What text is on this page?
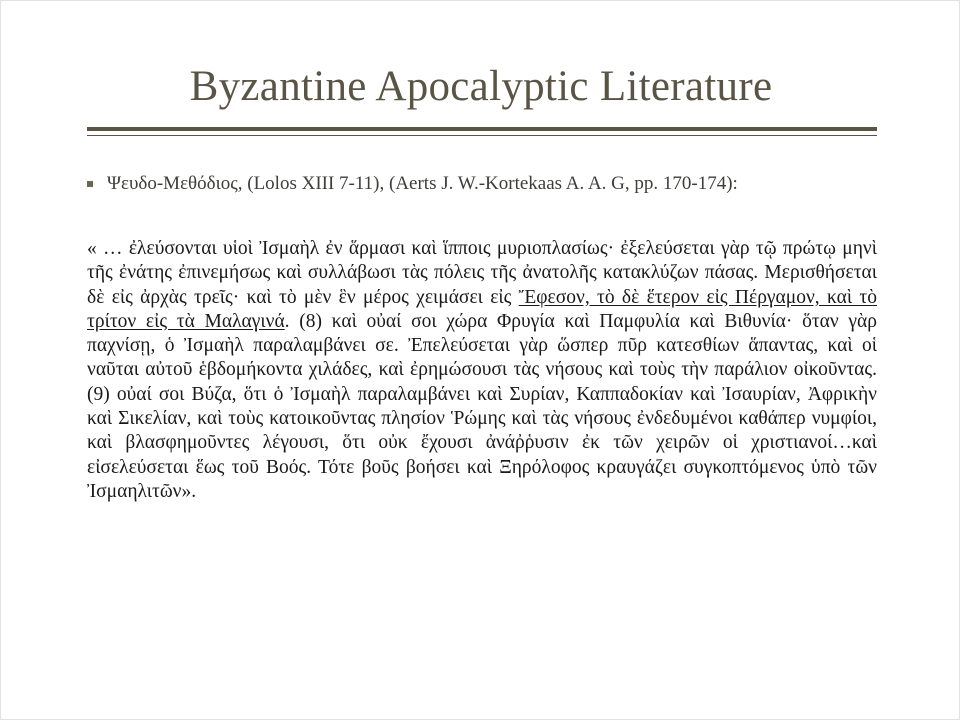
Byzantine Apocalyptic Literature
Ψευδο-Μεθόδιος, (Lolos XIII 7-11), (Aerts J. W.-Kortekaas A. A. G, pp. 170-174):

« … ἐλεύσονται υἱοὶ Ἰσμαὴλ ἐν ἅρμασι καὶ ἵπποις μυριοπλασίως· ἐξελεύσεται γὰρ τῷ πρώτῳ μηνὶ τῆς ἐνάτης ἐπινεμήσως καὶ συλλάβωσι τὰς πόλεις τῆς ἀνατολῆς κατακλύζων πάσας. Μερισθήσεται δὲ εἰς ἀρχὰς τρεῖς· καὶ τὸ μὲν ἓν μέρος χειμάσει εἰς Ἔφεσον, τὸ δὲ ἕτερον εἰς Πέργαμον, καὶ τὸ τρίτον εἰς τὰ Μαλαγινά. (8) καὶ οὐαί σοι χώρα Φρυγία καὶ Παμφυλία καὶ Βιθυνία· ὅταν γὰρ παχνίσῃ, ὁ Ἰσμαὴλ παραλαμβάνει σε. Ἐπελεύσεται γὰρ ὥσπερ πῦρ κατεσθίων ἅπαντας, καὶ οἱ ναῦται αὐτοῦ ἑβδομήκοντα χιλάδες, καὶ ἐρημώσουσι τὰς νήσους καὶ τοὺς τὴν παράλιον οἰκοῦντας. (9) οὐαί σοι Βύζα, ὅτι ὁ Ἰσμαὴλ παραλαμβάνει καὶ Συρίαν, Καππαδοκίαν καὶ Ἰσαυρίαν, Ἀφρικὴν καὶ Σικελίαν, καὶ τοὺς κατοικοῦντας πλησίον Ῥώμης καὶ τὰς νήσους ἐνδεδυμένοι καθάπερ νυμφίοι, καὶ βλασφημοῦντες λέγουσι, ὅτι οὐκ ἔχουσι ἀνάῤῥυσιν ἐκ τῶν χειρῶν οἱ χριστιανοί…καὶ εἰσελεύσεται ἕως τοῦ Βοός. Τότε βοῦς βοήσει καὶ Ξηρόλοφος κραυγάζει συγκοπτόμενος ὑπὸ τῶν Ἰσμαηλιτῶν».
